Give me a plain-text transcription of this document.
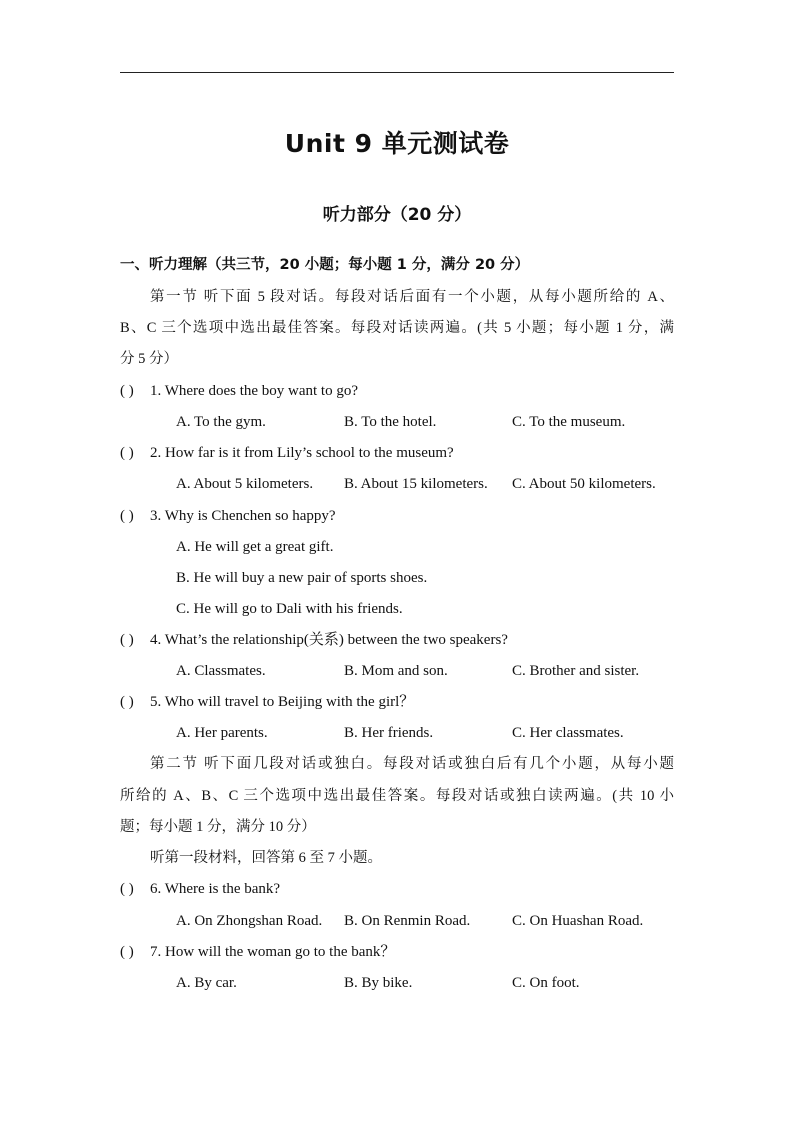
Unit 9 单元测试卷
听力部分（20 分）
一、听力理解（共三节，20 小题；每小题 1 分，满分 20 分）
第一节 听下面 5 段对话。每段对话后面有一个小题，从每小题所给的 A、
B、C 三个选项中选出最佳答案。每段对话读两遍。(共 5 小题；每小题 1 分，满
分 5 分）
( ) 1. Where does the boy want to go?
A. To the gym.	B. To the hotel.	C. To the museum.
( ) 2. How far is it from Lily’s school to the museum?
A. About 5 kilometers. B. About 15 kilometers. C. About 50 kilometers.
( ) 3. Why is Chenchen so happy?
A. He will get a great gift.
B. He will buy a new pair of sports shoes.
C. He will go to Dali with his friends.
( ) 4. What’s the relationship(关系) between the two speakers?
A. Classmates.	B. Mom and son.	C. Brother and sister.
( ) 5. Who will travel to Beijing with the girl？
A. Her parents.	B. Her friends.	C. Her classmates.
第二节 听下面几段对话或独白。每段对话或独白后有几个小题，从每小题
所给的 A、B、C 三个选项中选出最佳答案。每段对话或独白读两遍。(共 10 小
题；每小题 1 分，满分 10 分）
听第一段材料，回答第 6 至 7 小题。
( ) 6. Where is the bank?
A. On Zhongshan Road. B. On Renmin Road.	C. On Huashan Road.
( ) 7. How will the woman go to the bank？
A. By car.	B. By bike.	C. On foot.
